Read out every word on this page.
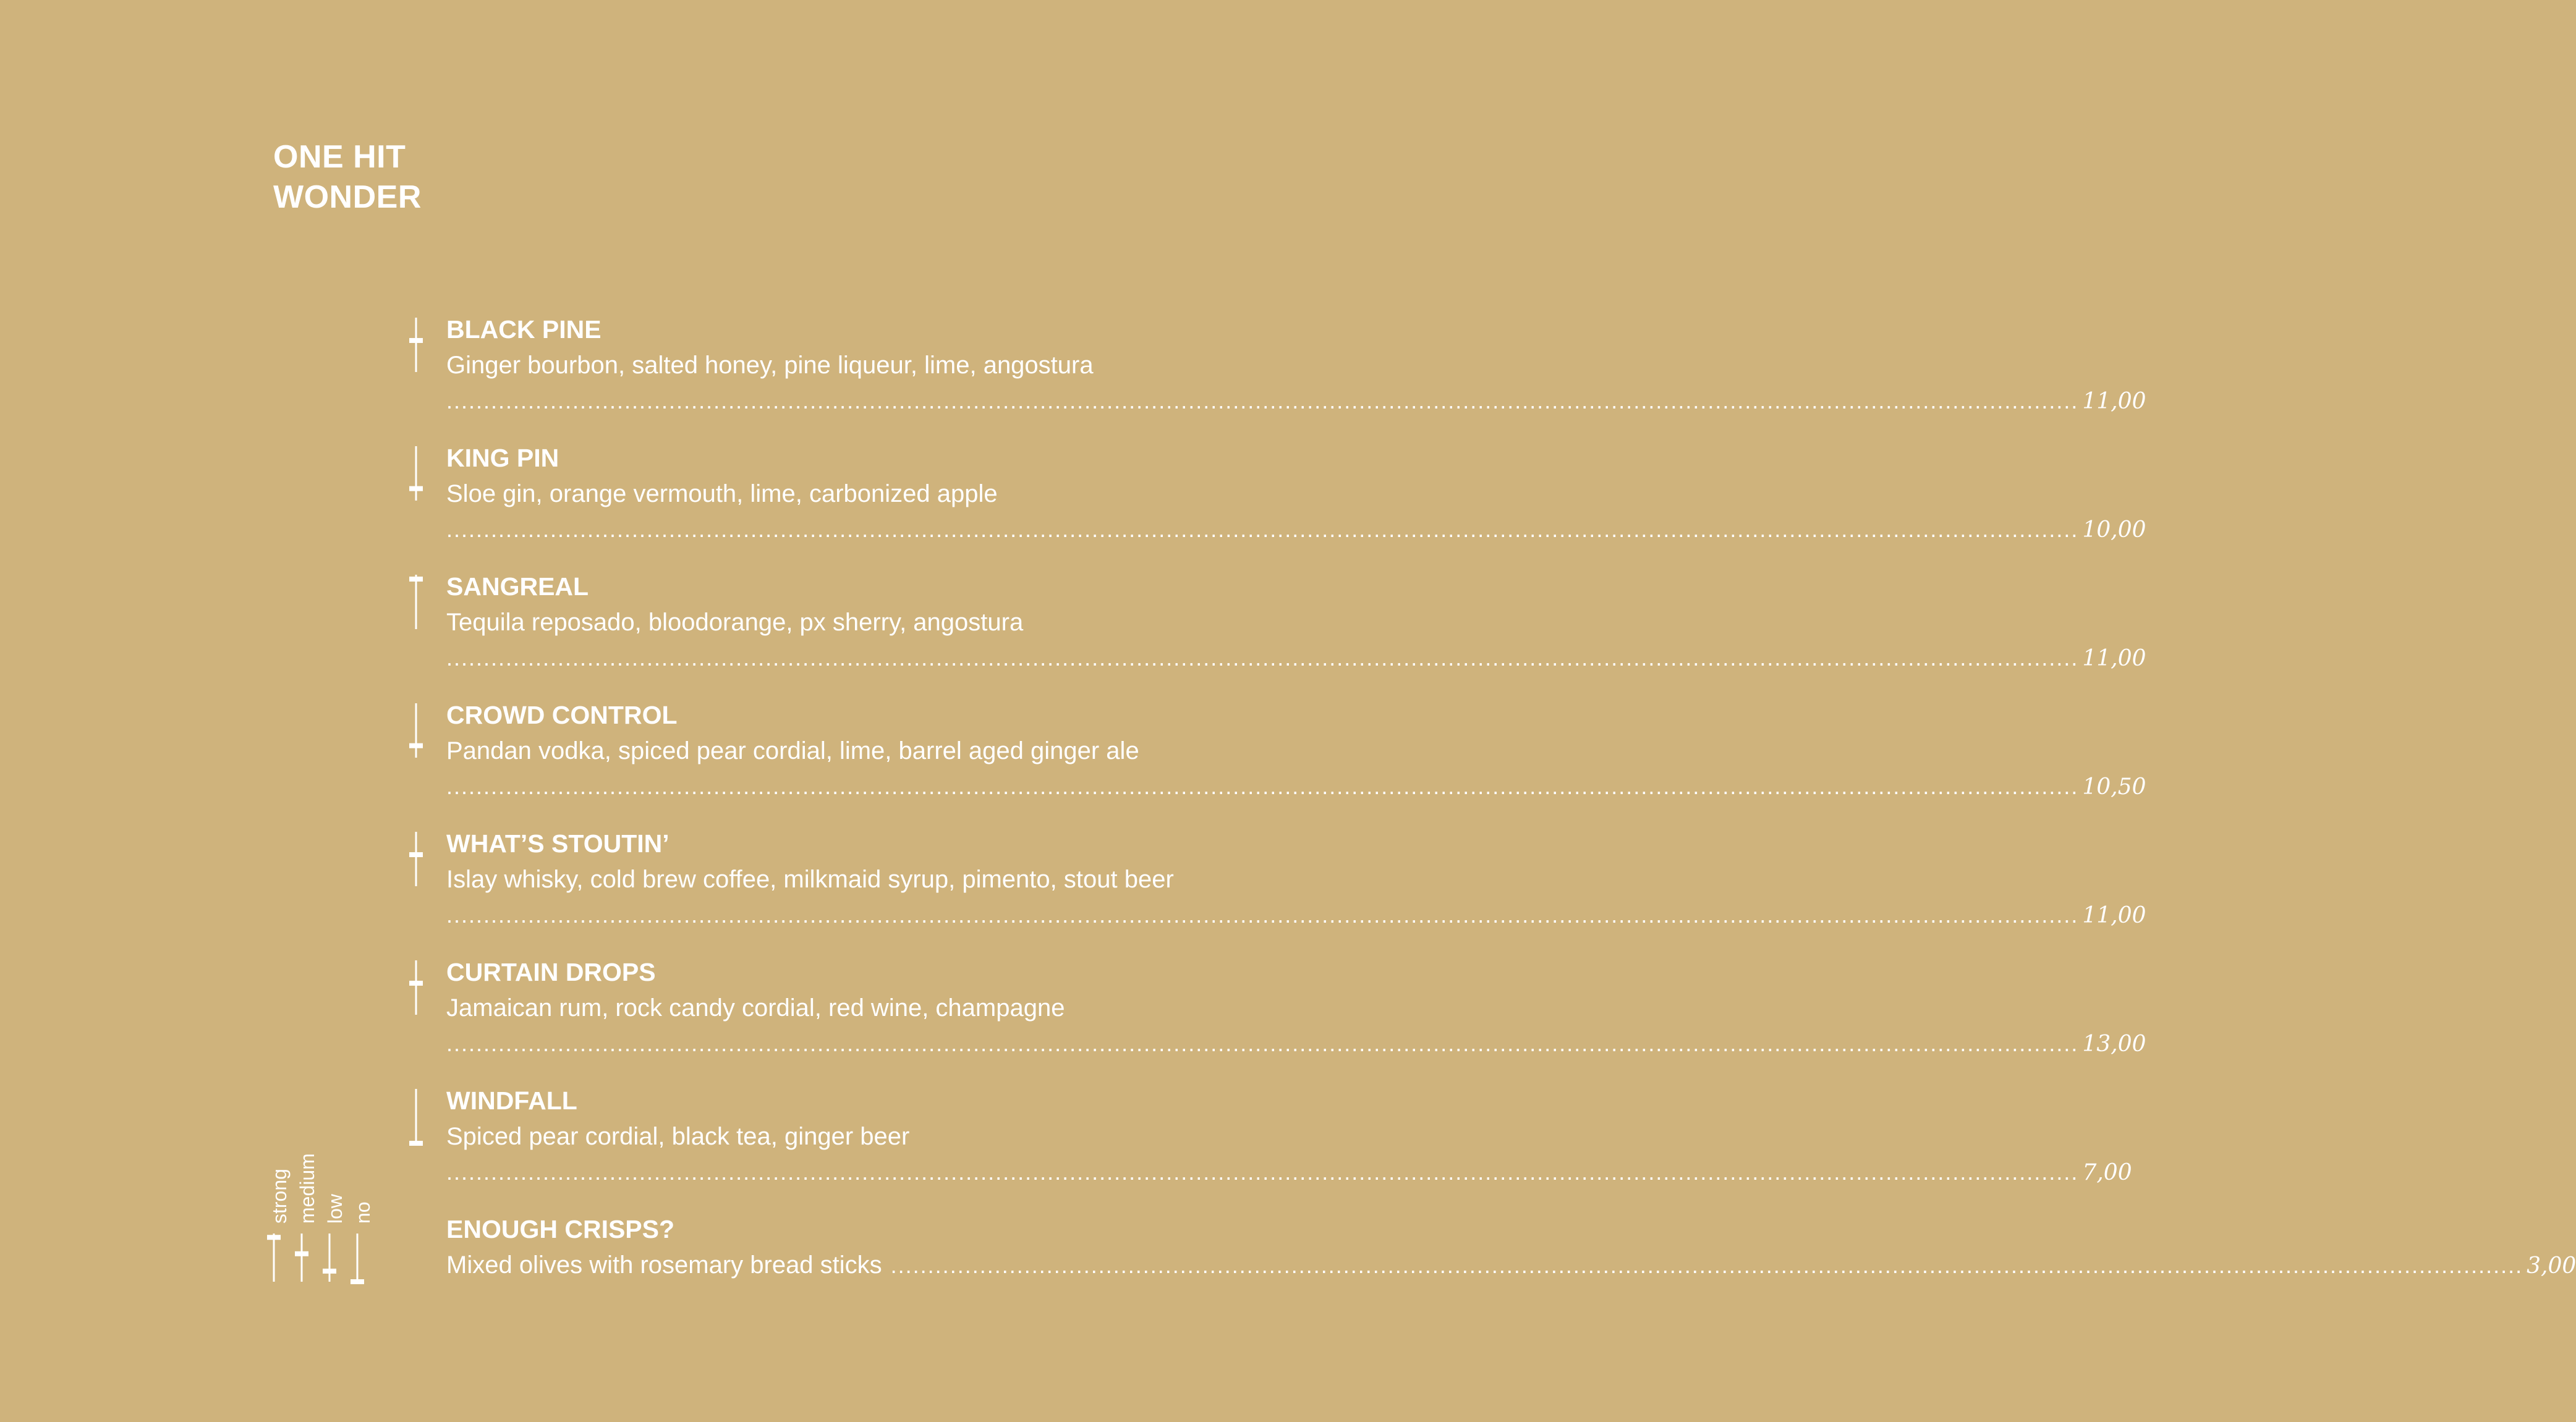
ONE HIT
WONDER
BLACK PINE
Ginger bourbon, salted honey, pine liqueur, lime, angostura
............................................................................................................................................................................................................................ 11,00
KING PIN
Sloe gin, orange vermouth, lime, carbonized apple
............................................................................................................................................................................................................................ 10,00
SANGREAL
Tequila reposado, bloodorange, px sherry, angostura
............................................................................................................................................................................................................................ 11,00
CROWD CONTROL
Pandan vodka, spiced pear cordial, lime, barrel aged ginger ale
............................................................................................................................................................................................................................ 10,50
WHAT’S STOUTIN’
Islay whisky, cold brew coffee, milkmaid syrup, pimento, stout beer
............................................................................................................................................................................................................................ 11,00
CURTAIN DROPS
Jamaican rum, rock candy cordial, red wine, champagne
............................................................................................................................................................................................................................ 13,00
WINDFALL
Spiced pear cordial, black tea, ginger beer
............................................................................................................................................................................................................................ 7,00
ENOUGH CRISPS?
Mixed olives with rosemary bread sticks ............................................................................................................................................................................................................................ 3,00
strong medium low no
